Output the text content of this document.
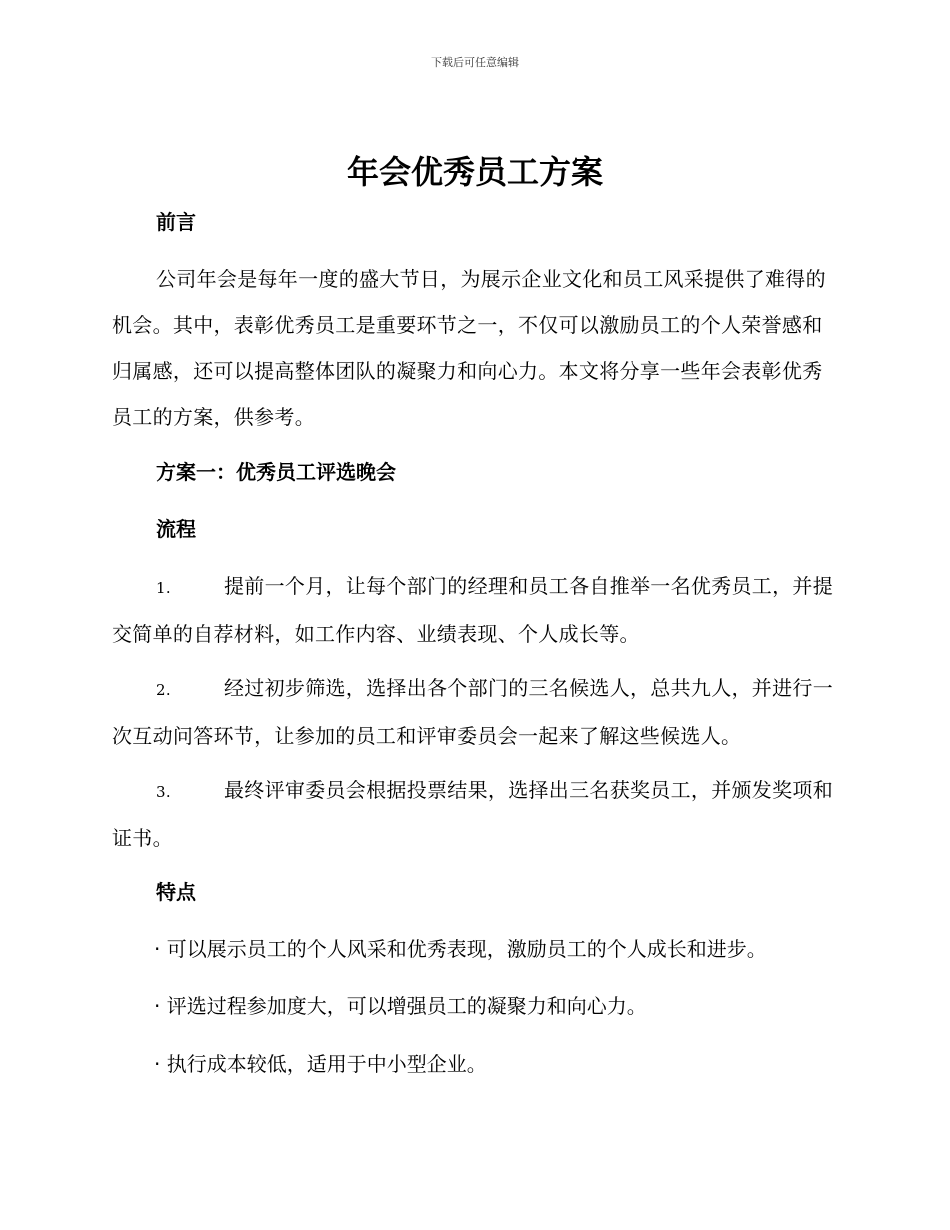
下载后可任意编辑
年会优秀员工方案
前言

公司年会是每年一度的盛大节日，为展示企业文化和员工风采提供了难得的机会。其中，表彰优秀员工是重要环节之一，不仅可以激励员工的个人荣誉感和归属感，还可以提高整体团队的凝聚力和向心力。本文将分享一些年会表彰优秀员工的方案，供参考。

方案一：优秀员工评选晚会
流程

1.	提前一个月，让每个部门的经理和员工各自推举一名优秀员工，并提交简单的自荐材料，如工作内容、业绩表现、个人成长等。

2.	经过初步筛选，选择出各个部门的三名候选人，总共九人，并进行一次互动问答环节，让参加的员工和评审委员会一起来了解这些候选人。

3.	最终评审委员会根据投票结果，选择出三名获奖员工，并颁发奖项和证书。

特点

· 可以展示员工的个人风采和优秀表现，激励员工的个人成长和进步。

· 评选过程参加度大，可以增强员工的凝聚力和向心力。

· 执行成本较低，适用于中小型企业。
